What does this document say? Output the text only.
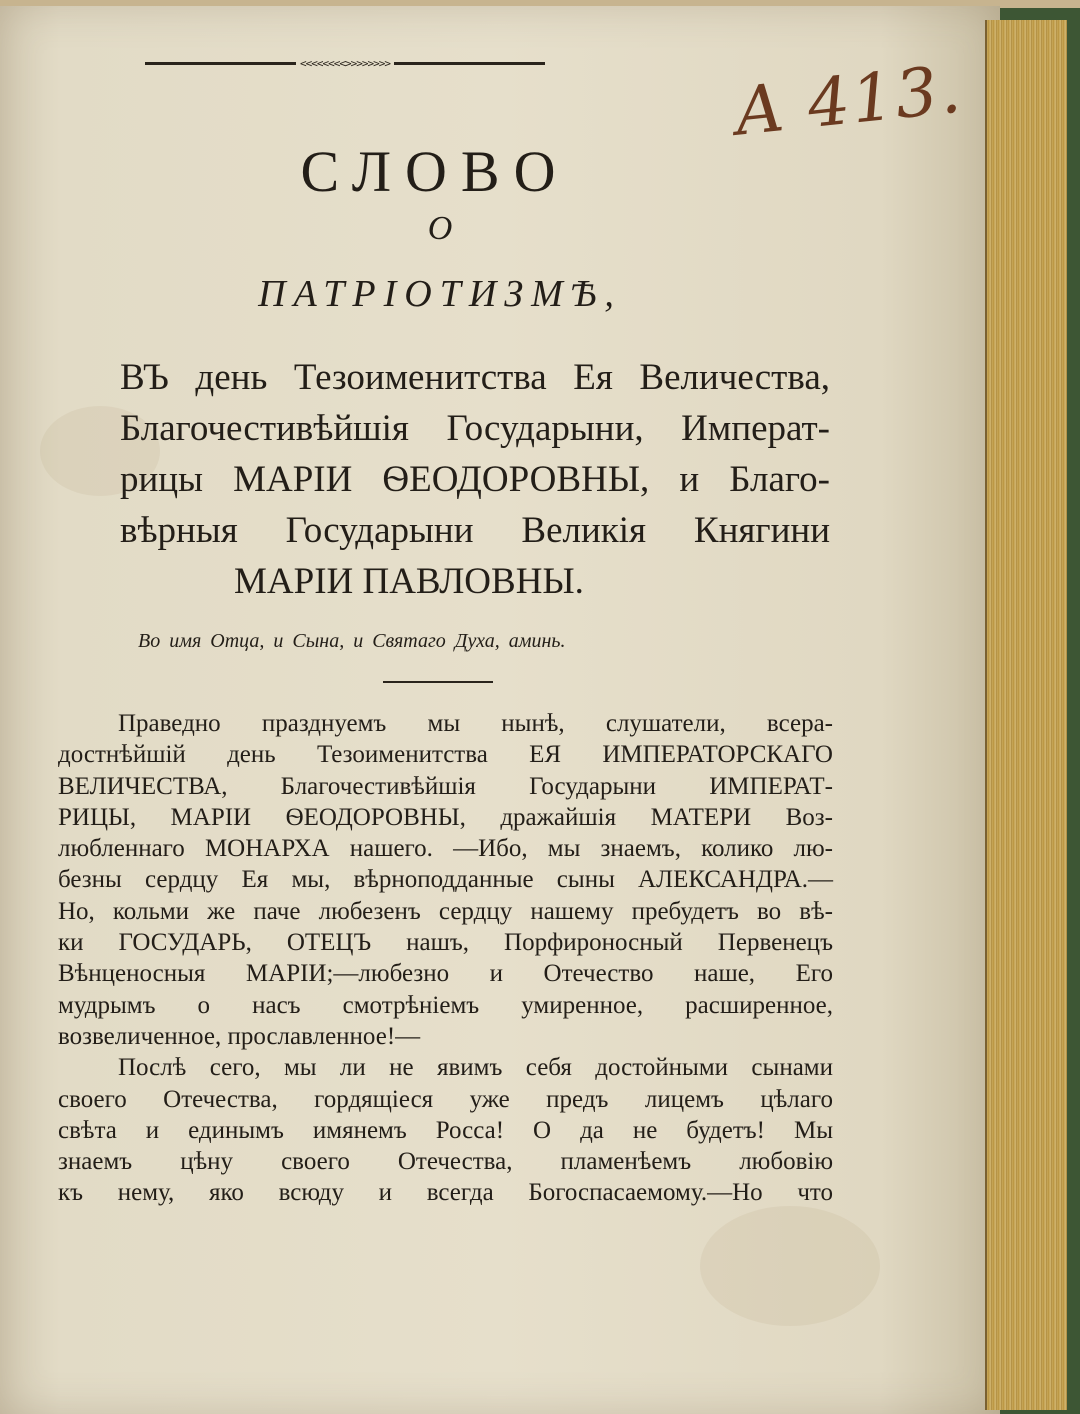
<<<<<<<<>>>>>>>>	A 413.
СЛОВО
О
ПАТРIОТИЗМѢ,
ВЪ день Тезоименитства Ея Величества,
Благочестивѣйшiя Государыни, Императ-
рицы МАРIИ ѲЕОДОРОВНЫ, и Благо-
вѣрныя Государыни Великiя Княгини
МАРIИ ПАВЛОВНЫ.
Во имя Отца, и Сына, и Святаго Духа, аминь.
Праведно празднуемъ мы нынѣ, слушатели, всера-
достнѣйшiй день Тезоименитства ЕЯ ИМПЕРАТОРСКАГО
ВЕЛИЧЕСТВА, Благочестивѣйшiя Государыни ИМПЕРАТ-
РИЦЫ, МАРIИ ѲЕОДОРОВНЫ, дражайшiя МАТЕРИ Воз-
любленнаго МОНАРХА нашего. —Ибо, мы знаемъ, колико лю-
безны сердцу Ея мы, вѣрноподданные сыны АЛЕКСАНДРА.—
Но, кольми же паче любезенъ сердцу нашему пребудетъ во вѣ-
ки ГОСУДАРЬ, ОТЕЦЪ нашъ, Порфироносный Первенецъ
Вѣнценосныя МАРIИ;—любезно и Отечество наше, Его
мудрымъ о насъ смотрѣнiемъ умиренное, расширенное,
возвеличенное, прославленное!—
Послѣ сего, мы ли не явимъ себя достойными сынами
своего Отечества, гордящiеся уже предъ лицемъ цѣлаго
свѣта и единымъ имянемъ Росса! О да не будетъ! Мы
знаемъ цѣну своего Отечества, пламенѣемъ любовiю
къ нему, яко всюду и всегда Богоспасаемому.—Но что
